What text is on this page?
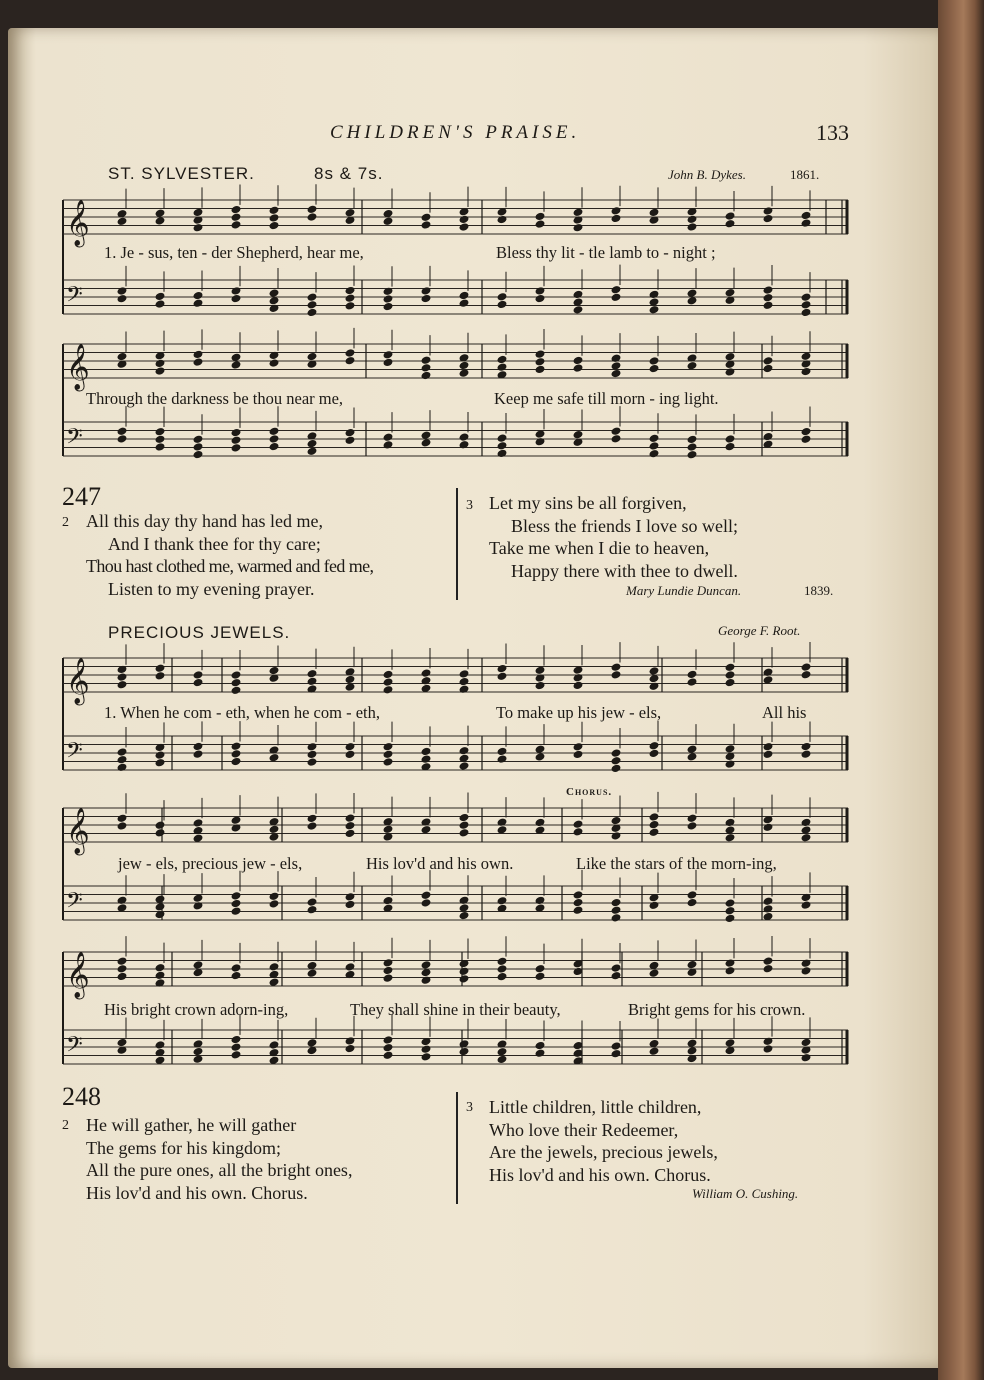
CHILDREN'S PRAISE.	133
ST. SYLVESTER.	8s & 7s.	John B. Dykes.	1861.
𝄞
𝄢
𝄞
𝄢
𝄞
𝄢
𝄞
𝄢
𝄞
𝄢
1. Je - sus, ten - der Shepherd, hear me,	Bless thy lit - tle lamb to - night ;
Through the darkness be thou near me,	Keep me safe till morn - ing light.
247
2 All this day thy hand has led me,
And I thank thee for thy care;
Thou hast clothed me, warmed and fed me,
Listen to my evening prayer.
3 Let my sins be all forgiven,
Bless the friends I love so well;
Take me when I die to heaven,
Happy there with thee to dwell.
Mary Lundie Duncan.	1839.
PRECIOUS JEWELS.	George F. Root.
1. When he com - eth, when he com - eth,	To make up his jew - els,	All his
Chorus.
jew - els, precious jew - els,	His lov'd and his own.	Like the stars of the morn-ing,
His bright crown adorn-ing,	They shall shine in their beauty,	Bright gems for his crown.
248
2 He will gather, he will gather
The gems for his kingdom;
All the pure ones, all the bright ones,
His lov'd and his own. Chorus.
3 Little children, little children,
Who love their Redeemer,
Are the jewels, precious jewels,
His lov'd and his own. Chorus.
William O. Cushing.
